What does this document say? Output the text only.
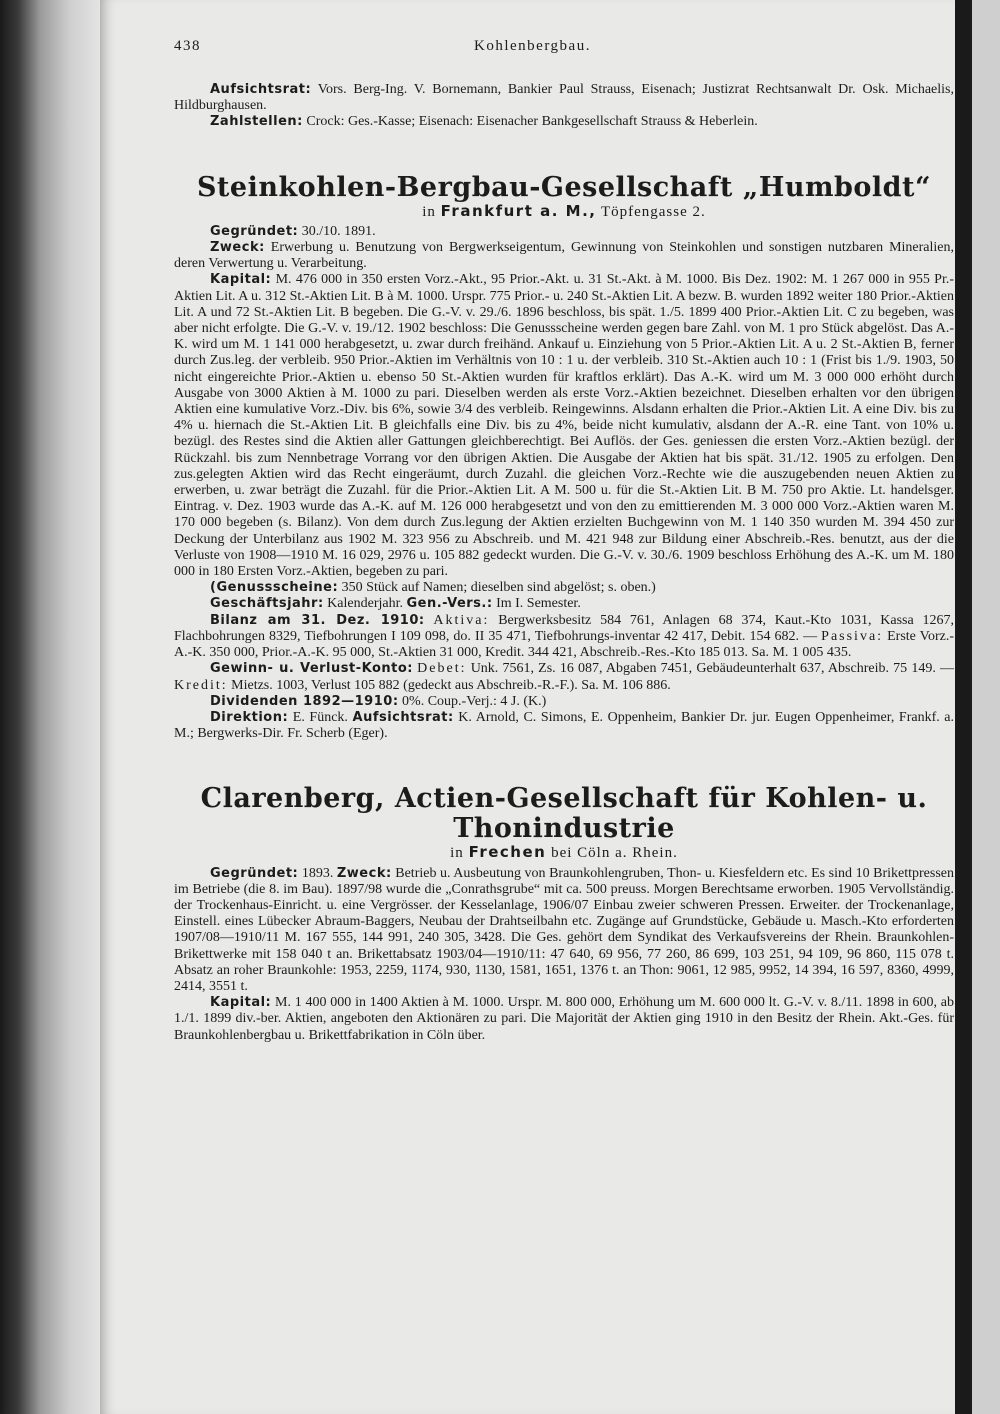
438	Kohlenbergbau.

Aufsichtsrat: Vors. Berg-Ing. V. Bornemann, Bankier Paul Strauss, Eisenach; Justizrat Rechtsanwalt Dr. Osk. Michaelis, Hildburghausen.

Zahlstellen: Crock: Ges.-Kasse; Eisenach: Eisenacher Bankgesellschaft Strauss & Heberlein.

Steinkohlen-Bergbau-Gesellschaft „Humboldt“
in Frankfurt a. M., Töpfengasse 2.

Gegründet: 30./10. 1891.

Zweck: Erwerbung u. Benutzung von Bergwerkseigentum, Gewinnung von Steinkohlen und sonstigen nutzbaren Mineralien, deren Verwertung u. Verarbeitung.

Kapital: M. 476 000 in 350 ersten Vorz.-Akt., 95 Prior.-Akt. u. 31 St.-Akt. à M. 1000. Bis Dez. 1902: M. 1 267 000 in 955 Pr.-Aktien Lit. A u. 312 St.-Aktien Lit. B à M. 1000. Urspr. 775 Prior.- u. 240 St.-Aktien Lit. A bezw. B. wurden 1892 weiter 180 Prior.-Aktien Lit. A und 72 St.-Aktien Lit. B begeben. Die G.-V. v. 29./6. 1896 beschloss, bis spät. 1./5. 1899 400 Prior.-Aktien Lit. C zu begeben, was aber nicht erfolgte. Die G.-V. v. 19./12. 1902 beschloss: Die Genussscheine werden gegen bare Zahl. von M. 1 pro Stück abgelöst. Das A.-K. wird um M. 1 141 000 herabgesetzt, u. zwar durch freihänd. Ankauf u. Einziehung von 5 Prior.-Aktien Lit. A u. 2 St.-Aktien B, ferner durch Zus.leg. der verbleib. 950 Prior.-Aktien im Verhältnis von 10 : 1 u. der verbleib. 310 St.-Aktien auch 10 : 1 (Frist bis 1./9. 1903, 50 nicht eingereichte Prior.-Aktien u. ebenso 50 St.-Aktien wurden für kraftlos erklärt). Das A.-K. wird um M. 3 000 000 erhöht durch Ausgabe von 3000 Aktien à M. 1000 zu pari. Dieselben werden als erste Vorz.-Aktien bezeichnet. Dieselben erhalten vor den übrigen Aktien eine kumulative Vorz.-Div. bis 6%, sowie 3/4 des verbleib. Reingewinns. Alsdann erhalten die Prior.-Aktien Lit. A eine Div. bis zu 4% u. hiernach die St.-Aktien Lit. B gleichfalls eine Div. bis zu 4%, beide nicht kumulativ, alsdann der A.-R. eine Tant. von 10% u. bezügl. des Restes sind die Aktien aller Gattungen gleichberechtigt. Bei Auflös. der Ges. geniessen die ersten Vorz.-Aktien bezügl. der Rückzahl. bis zum Nennbetrage Vorrang vor den übrigen Aktien. Die Ausgabe der Aktien hat bis spät. 31./12. 1905 zu erfolgen. Den zus.gelegten Aktien wird das Recht eingeräumt, durch Zuzahl. die gleichen Vorz.-Rechte wie die auszugebenden neuen Aktien zu erwerben, u. zwar beträgt die Zuzahl. für die Prior.-Aktien Lit. A M. 500 u. für die St.-Aktien Lit. B M. 750 pro Aktie. Lt. handelsger. Eintrag. v. Dez. 1903 wurde das A.-K. auf M. 126 000 herabgesetzt und von den zu emittierenden M. 3 000 000 Vorz.-Aktien waren M. 170 000 begeben (s. Bilanz). Von dem durch Zus.legung der Aktien erzielten Buchgewinn von M. 1 140 350 wurden M. 394 450 zur Deckung der Unterbilanz aus 1902 M. 323 956 zu Abschreib. und M. 421 948 zur Bildung einer Abschreib.-Res. benutzt, aus der die Verluste von 1908—1910 M. 16 029, 2976 u. 105 882 gedeckt wurden. Die G.-V. v. 30./6. 1909 beschloss Erhöhung des A.-K. um M. 180 000 in 180 Ersten Vorz.-Aktien, begeben zu pari.

(Genussscheine: 350 Stück auf Namen; dieselben sind abgelöst; s. oben.)

Geschäftsjahr: Kalenderjahr. Gen.-Vers.: Im I. Semester.

Bilanz am 31. Dez. 1910: Aktiva: Bergwerksbesitz 584 761, Anlagen 68 374, Kaut.-Kto 1031, Kassa 1267, Flachbohrungen 8329, Tiefbohrungen I 109 098, do. II 35 471, Tiefbohrungs-inventar 42 417, Debit. 154 682. — Passiva: Erste Vorz.-A.-K. 350 000, Prior.-A.-K. 95 000, St.-Aktien 31 000, Kredit. 344 421, Abschreib.-Res.-Kto 185 013. Sa. M. 1 005 435.

Gewinn- u. Verlust-Konto: Debet: Unk. 7561, Zs. 16 087, Abgaben 7451, Gebäudeunterhalt 637, Abschreib. 75 149. — Kredit: Mietzs. 1003, Verlust 105 882 (gedeckt aus Abschreib.-R.-F.). Sa. M. 106 886.

Dividenden 1892—1910: 0%. Coup.-Verj.: 4 J. (K.)

Direktion: E. Fünck. Aufsichtsrat: K. Arnold, C. Simons, E. Oppenheim, Bankier Dr. jur. Eugen Oppenheimer, Frankf. a. M.; Bergwerks-Dir. Fr. Scherb (Eger).

Clarenberg, Actien-Gesellschaft für Kohlen- u. Thonindustrie
in Frechen bei Cöln a. Rhein.

Gegründet: 1893. Zweck: Betrieb u. Ausbeutung von Braunkohlengruben, Thon- u. Kiesfeldern etc. Es sind 10 Brikettpressen im Betriebe (die 8. im Bau). 1897/98 wurde die „Conrathsgrube“ mit ca. 500 preuss. Morgen Berechtsame erworben. 1905 Vervollständig. der Trockenhaus-Einricht. u. eine Vergrösser. der Kesselanlage, 1906/07 Einbau zweier schweren Pressen. Erweiter. der Trockenanlage, Einstell. eines Lübecker Abraum-Baggers, Neubau der Drahtseilbahn etc. Zugänge auf Grundstücke, Gebäude u. Masch.-Kto erforderten 1907/08—1910/11 M. 167 555, 144 991, 240 305, 3428. Die Ges. gehört dem Syndikat des Verkaufsvereins der Rhein. Braunkohlen-Brikettwerke mit 158 040 t an. Brikettabsatz 1903/04—1910/11: 47 640, 69 956, 77 260, 86 699, 103 251, 94 109, 96 860, 115 078 t. Absatz an roher Braunkohle: 1953, 2259, 1174, 930, 1130, 1581, 1651, 1376 t. an Thon: 9061, 12 985, 9952, 14 394, 16 597, 8360, 4999, 2414, 3551 t.

Kapital: M. 1 400 000 in 1400 Aktien à M. 1000. Urspr. M. 800 000, Erhöhung um M. 600 000 lt. G.-V. v. 8./11. 1898 in 600, ab 1./1. 1899 div.-ber. Aktien, angeboten den Aktionären zu pari. Die Majorität der Aktien ging 1910 in den Besitz der Rhein. Akt.-Ges. für Braunkohlenbergbau u. Brikettfabrikation in Cöln über.
